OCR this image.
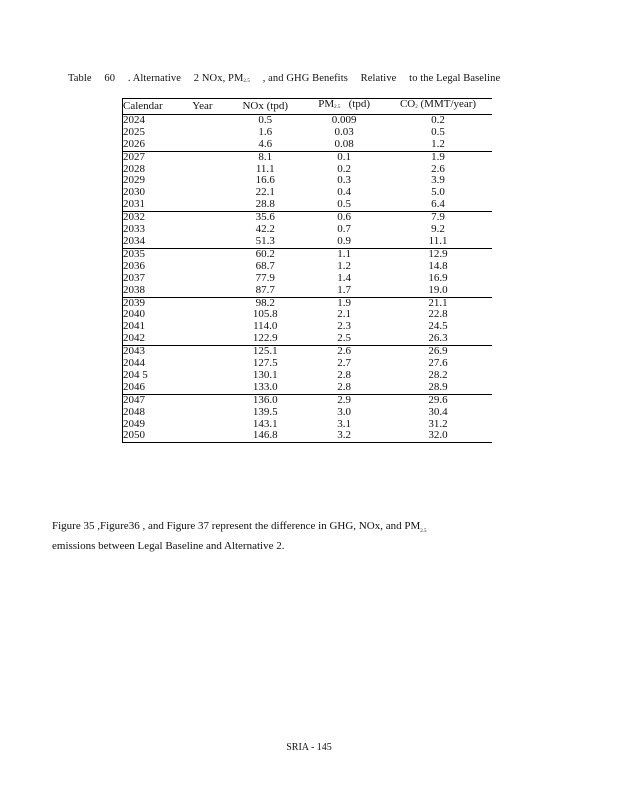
Table 60 . Alternative 2 NOx, $PM_{2.5}$ , and GHG Benefits Relative to the Legal Baseline
Calendar	Year	NOx (tpd)	$PM_{2.5}$ (tpd)	$CO_2$ (MMT/year)
2024		0.5	0.009	0.2
2025		1.6	0.03	0.5
2026		4.6	0.08	1.2
2027		8.1	0.1	1.9
2028		11.1	0.2	2.6
2029		16.6	0.3	3.9
2030		22.1	0.4	5.0
2031		28.8	0.5	6.4
2032		35.6	0.6	7.9
2033		42.2	0.7	9.2
2034		51.3	0.9	11.1
2035		60.2	1.1	12.9
2036		68.7	1.2	14.8
2037		77.9	1.4	16.9
2038		87.7	1.7	19.0
2039		98.2	1.9	21.1
2040		105.8	2.1	22.8
2041		114.0	2.3	24.5
2042		122.9	2.5	26.3
2043		125.1	2.6	26.9
2044		127.5	2.7	27.6
204 5		130.1	2.8	28.2
2046		133.0	2.8	28.9
2047		136.0	2.9	29.6
2048		139.5	3.0	30.4
2049		143.1	3.1	31.2
2050		146.8	3.2	32.0
Figure 35 ,Figure36 , and Figure 37 represent the difference in GHG, NOx, and $PM_{2.5}$
emissions between Legal Baseline and Alternative 2.
SRIA - 145
